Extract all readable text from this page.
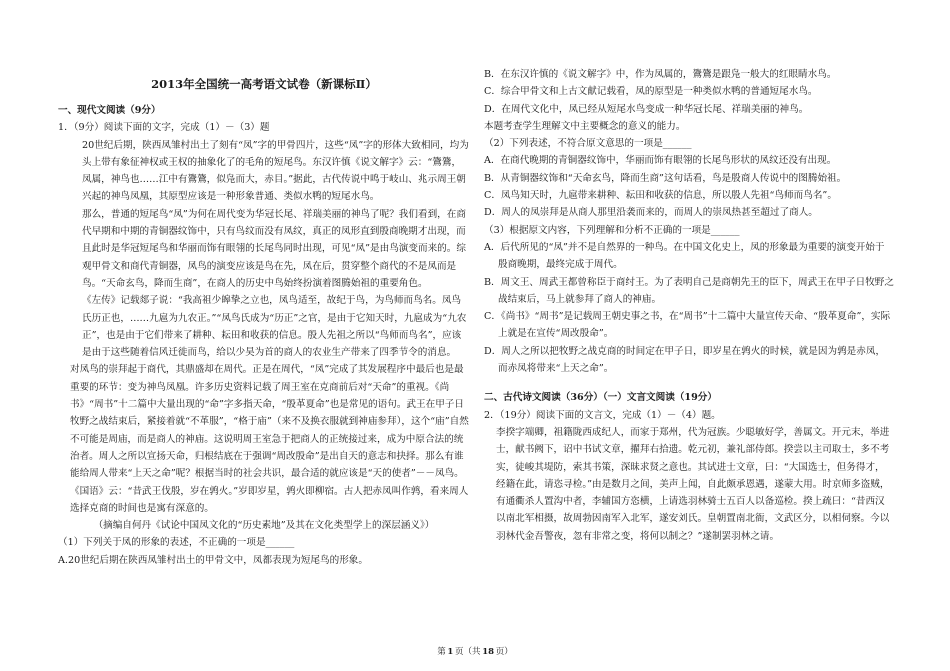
2013年全国统一高考语文试卷（新课标Ⅱ）
一、现代文阅读（9分）
1．（9分）阅读下面的文字，完成（1）－（3）题
20世纪后期，陕西凤雏村出土了刻有“凤”字的甲骨四片，这些“凤”字的形体大致相同，均为头上带有象征神权或王权的抽象化了的毛角的短尾鸟。东汉许慎《说文解字》云：“鷟鷟，凤属，神鸟也……江中有鷟鷟，似凫而大，赤目。”据此，古代传说中鸣于岐山、兆示周王朝兴起的神鸟凤凰，其原型应该是一种形象普通、类似水鸭的短尾水鸟。
那么，普通的短尾鸟“凤”为何在周代变为华冠长尾、祥瑞美丽的神鸟了呢？我们看到，在商代早期和中期的青铜器纹饰中，只有鸟纹而没有凤纹，真正的凤形直到殷商晚期才出现，而且此时是华冠短尾鸟和华丽而饰有眼翎的长尾鸟同时出现，可见“凤”是由鸟演变而来的。综观甲骨文和商代青铜器，凤鸟的演变应该是鸟在先，凤在后，贯穿整个商代的不是凤而是鸟。“天命玄鸟，降而生商”，在商人的历史中鸟始终扮演着图腾始祖的重要角色。
《左传》记载郯子说：“我高祖少皞挚之立也，凤鸟适至，故纪于鸟，为鸟师而鸟名。凤鸟氏历正也，……九扈为九农正。”“凤鸟氏成为“历正”之官，是由于它知天时，九扈成为“九农正”，也是由于它们带来了耕种、耘田和收获的信息。殷人先祖之所以“鸟师而鸟名”，应该是由于这些随着信风迁徙而鸟，给以少昊为首的商人的农业生产带来了四季节令的消息。
对凤鸟的崇拜起于商代，其鼎盛却在周代。正是在周代，“凤”完成了其发展程序中最后也是最重要的环节：变为神鸟凤凰。许多历史资料记载了周王室在克商前后对“天命”的重视。《尚书》“周书”十二篇中大量出现的“命”字多指天命，“殷革夏命”也是常见的语句。武王在甲子日牧野之战结束后，紧接着就“不革服”，“格于庙”（来不及换衣服就到神庙参拜），这个“庙”自然不可能是周庙，而是商人的神庙。这说明周王室急于把商人的正统接过来，成为中原合法的统治者。周人之所以宣扬天命，归根结底在于强调“周改殷命”是出自天的意志和抉择。那么有谁能给周人带来“上天之命”呢？根据当时的社会共识，最合适的就应该是“天的使者”－－凤鸟。《国语》云：“昔武王伐殷，岁在鹑火。”岁即岁星，鹑火即柳宿。古人把赤凤叫作鹑，看来周人选择克商的时间也是寓有深意的。
（摘编自何丹《试论中国凤文化的“历史素地”及其在文化类型学上的深层涵义》）
（1）下列关于凤的形象的表述，不正确的一项是______
A.20世纪后期在陕西凤雏村出土的甲骨文中，凤都表现为短尾鸟的形象。
B．在东汉许慎的《说文解字》中，作为凤属的，鷟鷟是跟凫一般大的红眼睛水鸟。
C．综合甲骨文和上古文献记载看，凤的原型是一种类似水鸭的普通短尾水鸟。
D．在周代文化中，凤已经从短尾水鸟变成一种华冠长尾、祥瑞美丽的神鸟。
本题考查学生理解文中主要概念的意义的能力。
（2）下列表述，不符合原文意思的一项是______
A．在商代晚期的青铜器纹饰中，华丽而饰有眼翎的长尾鸟形状的凤纹还没有出现。
B．从青铜器纹饰和“天命玄鸟，降而生商”这句话看，鸟是殷商人传说中的图腾始祖。
C．凤鸟知天时，九扈带来耕种、耘田和收获的信息，所以殷人先祖“鸟师而鸟名”。
D．周人的凤崇拜是从商人那里沿袭而来的，而周人的崇凤热甚至超过了商人。
（3）根据原文内容，下列理解和分析不正确的一项是______
A．后代所见的“凤”并不是自然界的一种鸟。在中国文化史上，凤的形象最为重要的演变开始于殷商晚期，最终完成于周代。
B．周文王、周武王都曾称臣于商纣王。为了表明自己是商朝先王的臣下，周武王在甲子日牧野之战结束后，马上就参拜了商人的神庙。
C．《尚书》“周书”是记载周王朝史事之书，在“周书”十二篇中大量宣传天命、“殷革夏命”，实际上就是在宣传“周改殷命”。
D．周人之所以把牧野之战克商的时间定在甲子日，即岁星在鹑火的时候，就是因为鹑是赤凤，而赤凤将带来“上天之命”。
二、古代诗文阅读（36分）（一）文言文阅读（19分）
2．（19分）阅读下面的文言文，完成（1）－（4）题。
李揆字端卿，祖籍陇西成纪人，而家于郑州，代为冠族。少聪敏好学，善属文。开元末，举进士，献书阙下，诏中书试文章，擢拜右拾遗。乾元初，兼礼部侍郎。揆尝以主司取士，多不考实，徒峻其堤防，索其书策，深昧求贤之意也。其试进士文章，曰：“大国选士，但务得才，经籍在此，请恣寻检。”由是数月之间，美声上闻，自此颇承恩遇，遂蒙大用。时京师多盗贼，有通衢杀人置沟中者，李辅国方恣横，上请选羽林骑士五百人以备巡检。揆上疏曰：“昔西汉以南北军相摄，故周勃因南军入北军，遂安刘氏。皇朝置南北衙，文武区分，以相伺察。今以羽林代金吾警夜，忽有非常之变，将何以制之？”遂制罢羽林之请。
第  1  页（共  18  页）
